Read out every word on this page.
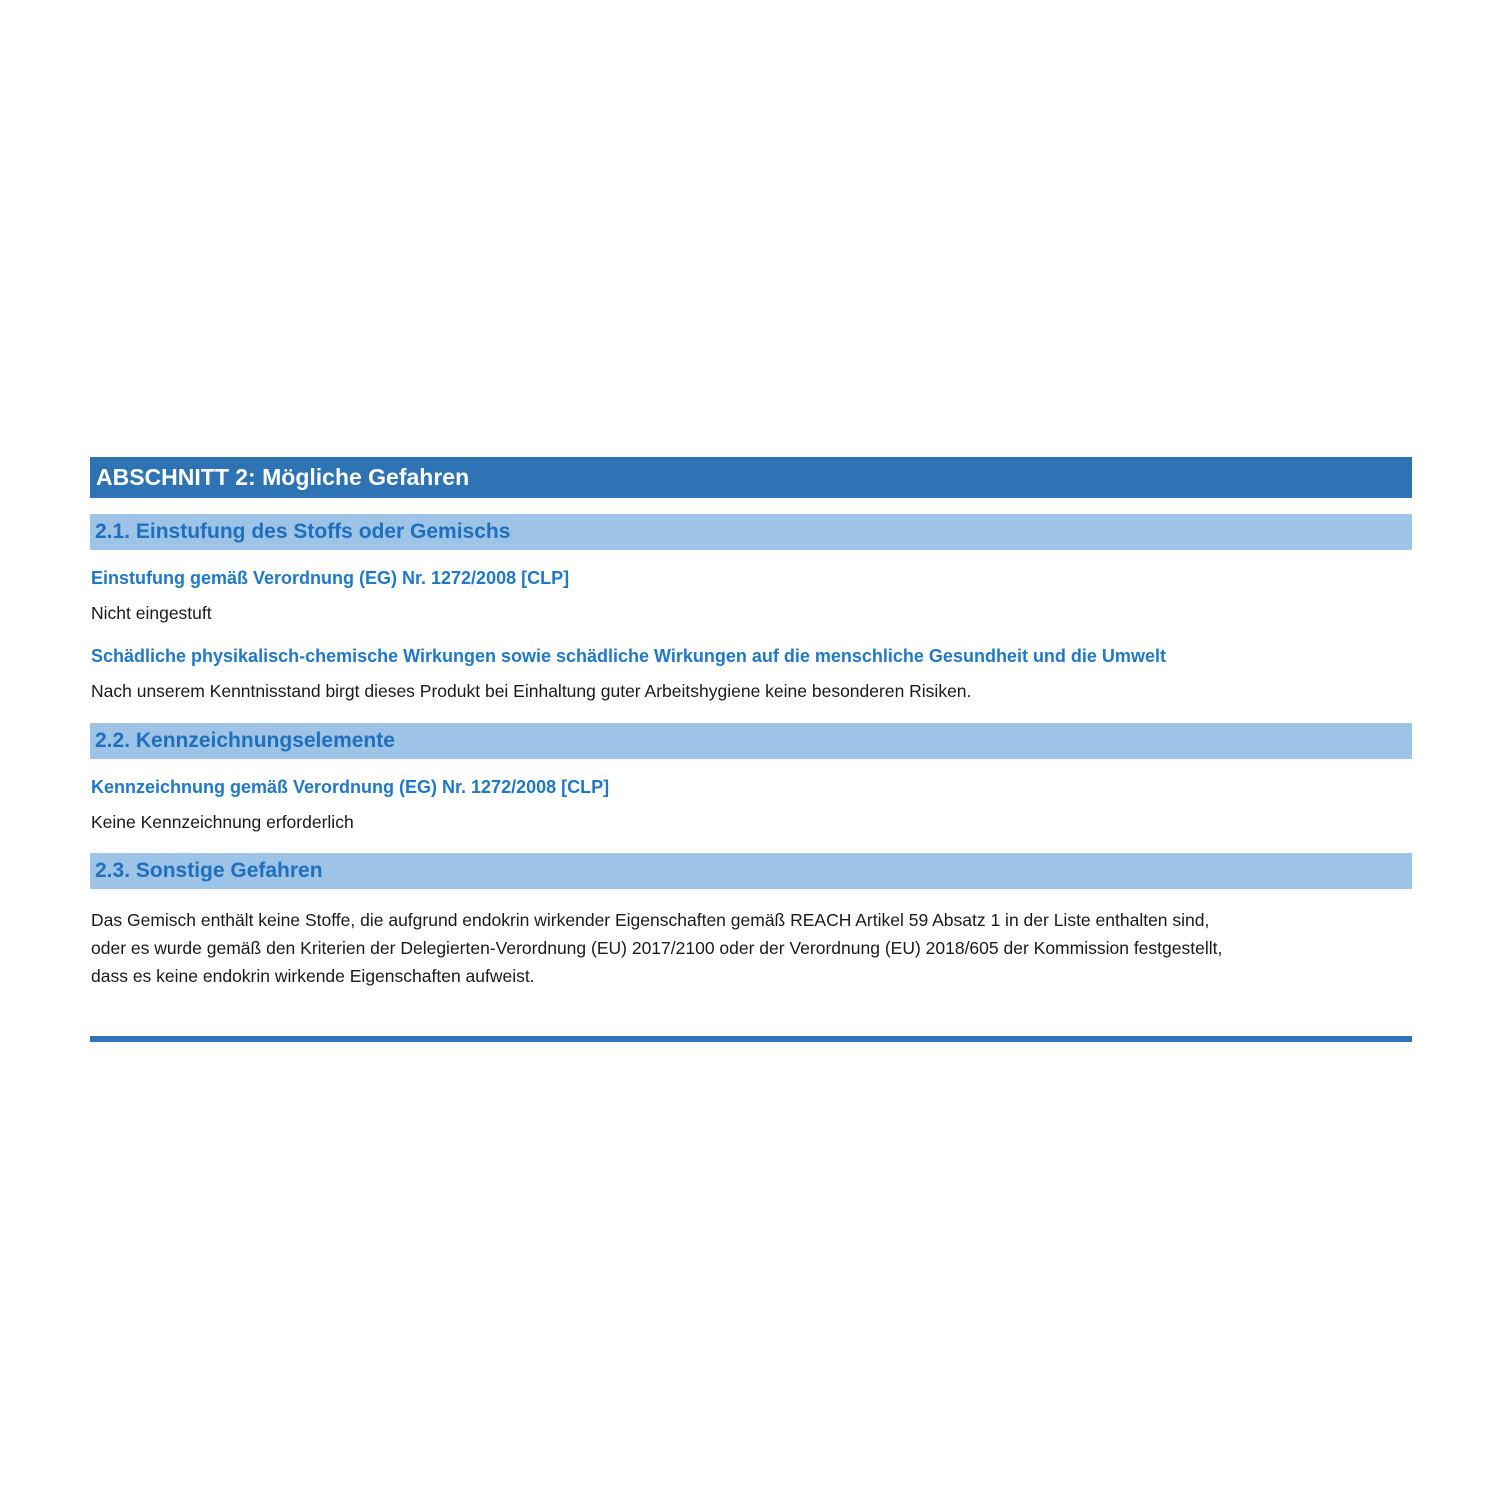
ABSCHNITT 2: Mögliche Gefahren
2.1. Einstufung des Stoffs oder Gemischs
Einstufung gemäß Verordnung (EG) Nr. 1272/2008 [CLP]
Nicht eingestuft
Schädliche physikalisch-chemische Wirkungen sowie schädliche Wirkungen auf die menschliche Gesundheit und die Umwelt
Nach unserem Kenntnisstand birgt dieses Produkt bei Einhaltung guter Arbeitshygiene keine besonderen Risiken.
2.2. Kennzeichnungselemente
Kennzeichnung gemäß Verordnung (EG) Nr. 1272/2008 [CLP]
Keine Kennzeichnung erforderlich
2.3. Sonstige Gefahren
Das Gemisch enthält keine Stoffe, die aufgrund endokrin wirkender Eigenschaften gemäß REACH Artikel 59 Absatz 1 in der Liste enthalten sind,
oder es wurde gemäß den Kriterien der Delegierten-Verordnung (EU) 2017/2100 oder der Verordnung (EU) 2018/605 der Kommission festgestellt,
dass es keine endokrin wirkende Eigenschaften aufweist.
